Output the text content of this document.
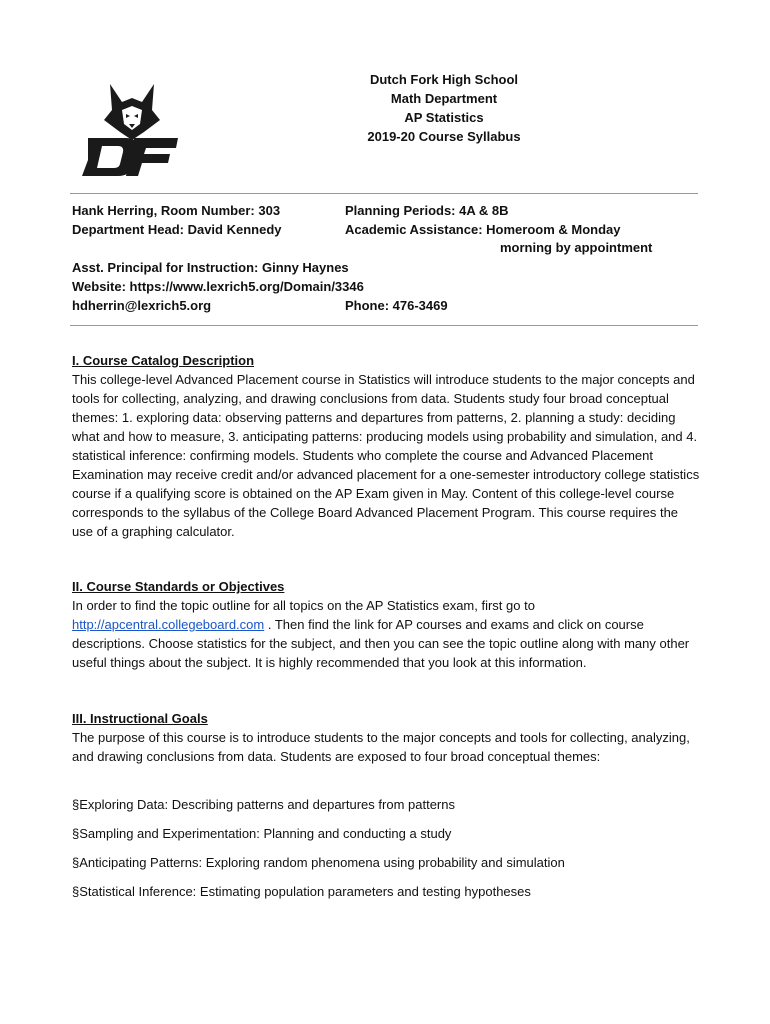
Dutch Fork High School
Math Department
AP Statistics
2019-20 Course Syllabus
Hank Herring, Room Number: 303	Planning Periods: 4A & 8B
Department Head: David Kennedy	Academic Assistance: Homeroom & Monday
morning by appointment
Asst. Principal for Instruction: Ginny Haynes
Website: https://www.lexrich5.org/Domain/3346
hdherrin@lexrich5.org	Phone: 476-3469
I. Course Catalog Description
This college-level Advanced Placement course in Statistics will introduce students to the major concepts and tools for collecting, analyzing, and drawing conclusions from data. Students study four broad conceptual themes: 1. exploring data: observing patterns and departures from patterns, 2. planning a study: deciding what and how to measure, 3. anticipating patterns: producing models using probability and simulation, and 4. statistical inference: confirming models. Students who complete the course and Advanced Placement Examination may receive credit and/or advanced placement for a one-semester introductory college statistics course if a qualifying score is obtained on the AP Exam given in May. Content of this college-level course corresponds to the syllabus of the College Board Advanced Placement Program. This course requires the use of a graphing calculator.
II. Course Standards or Objectives
In order to find the topic outline for all topics on the AP Statistics exam, first go to
http://apcentral.collegeboard.com . Then find the link for AP courses and exams and click on course descriptions. Choose statistics for the subject, and then you can see the topic outline along with many other useful things about the subject. It is highly recommended that you look at this information.
III. Instructional Goals
The purpose of this course is to introduce students to the major concepts and tools for collecting, analyzing, and drawing conclusions from data. Students are exposed to four broad conceptual themes:
§Exploring Data: Describing patterns and departures from patterns
§Sampling and Experimentation: Planning and conducting a study
§Anticipating Patterns: Exploring random phenomena using probability and simulation
§Statistical Inference: Estimating population parameters and testing hypotheses
